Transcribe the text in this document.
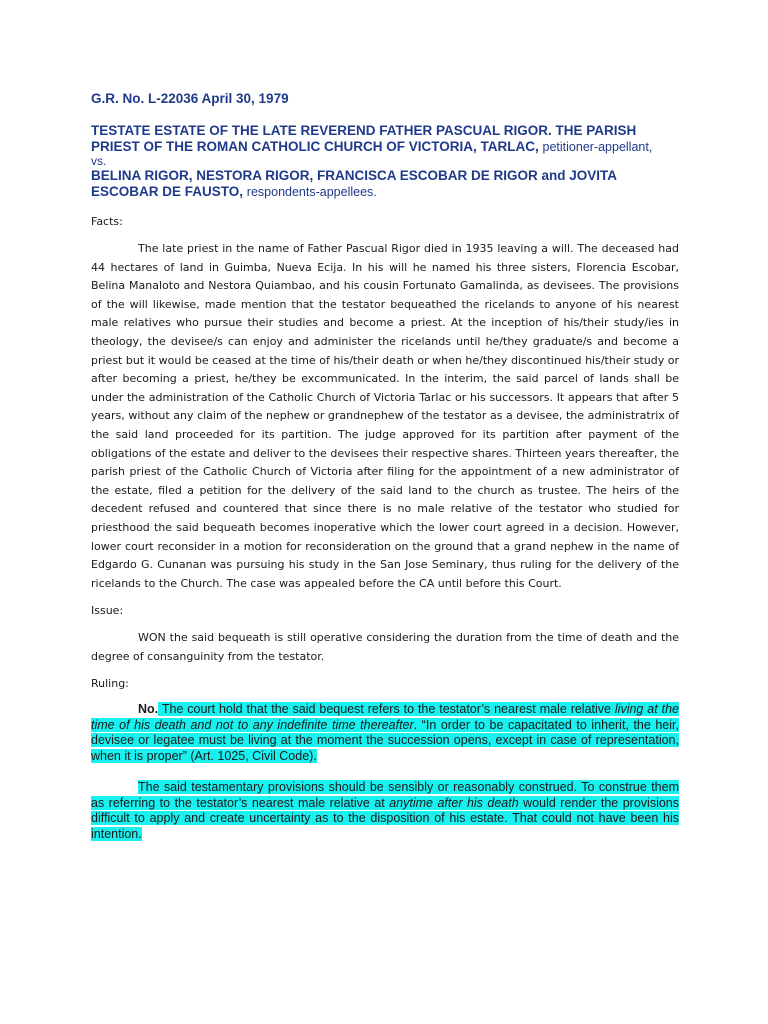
G.R. No. L-22036 April 30, 1979
TESTATE ESTATE OF THE LATE REVEREND FATHER PASCUAL RIGOR. THE PARISH PRIEST OF THE ROMAN CATHOLIC CHURCH OF VICTORIA, TARLAC, petitioner-appellant,
vs.
BELINA RIGOR, NESTORA RIGOR, FRANCISCA ESCOBAR DE RIGOR and JOVITA ESCOBAR DE FAUSTO, respondents-appellees.
Facts:

The late priest in the name of Father Pascual Rigor died in 1935 leaving a will. The deceased had 44 hectares of land in Guimba, Nueva Ecija. In his will he named his three sisters, Florencia Escobar, Belina Manaloto and Nestora Quiambao, and his cousin Fortunato Gamalinda, as devisees. The provisions of the will likewise, made mention that the testator bequeathed the ricelands to anyone of his nearest male relatives who pursue their studies and become a priest. At the inception of his/their study/ies in theology, the devisee/s can enjoy and administer the ricelands until he/they graduate/s and become a priest but it would be ceased at the time of his/their death or when he/they discontinued his/their study or after becoming a priest, he/they be excommunicated. In the interim, the said parcel of lands shall be under the administration of the Catholic Church of Victoria Tarlac or his successors. It appears that after 5 years, without any claim of the nephew or grandnephew of the testator as a devisee, the administratrix of the said land proceeded for its partition. The judge approved for its partition after payment of the obligations of the estate and deliver to the devisees their respective shares. Thirteen years thereafter, the parish priest of the Catholic Church of Victoria after filing for the appointment of a new administrator of the estate, filed a petition for the delivery of the said land to the church as trustee. The heirs of the decedent refused and countered that since there is no male relative of the testator who studied for priesthood the said bequeath becomes inoperative which the lower court agreed in a decision. However, lower court reconsider in a motion for reconsideration on the ground that a grand nephew in the name of Edgardo G. Cunanan was pursuing his study in the San Jose Seminary, thus ruling for the delivery of the ricelands to the Church. The case was appealed before the CA until before this Court.

Issue:

WON the said bequeath is still operative considering the duration from the time of death and the degree of consanguinity from the testator.

Ruling:

No. The court hold that the said bequest refers to the testator’s nearest male relative living at the time of his death and not to any indefinite time thereafter. “In order to be capacitated to inherit, the heir, devisee or legatee must be living at the moment the succession opens, except in case of representation, when it is proper” (Art. 1025, Civil Code).

The said testamentary provisions should be sensibly or reasonably construed. To construe them as referring to the testator’s nearest male relative at anytime after his death would render the provisions difficult to apply and create uncertainty as to the disposition of his estate. That could not have been his intention.
